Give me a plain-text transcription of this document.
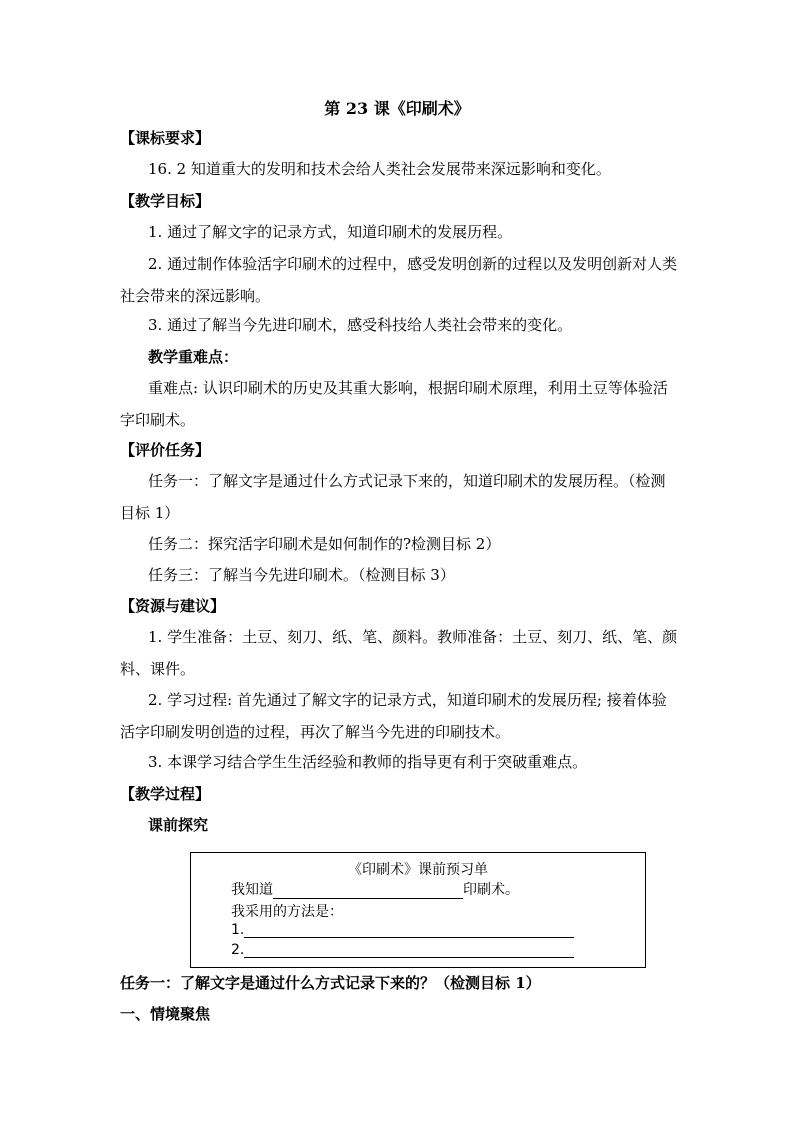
第 23 课《印刷术》
【课标要求】
16. 2 知道重大的发明和技术会给人类社会发展带来深远影响和变化。
【教学目标】
1. 通过了解文字的记录方式，知道印刷术的发展历程。
2. 通过制作体验活字印刷术的过程中，感受发明创新的过程以及发明创新对人类社会带来的深远影响。
3. 通过了解当今先进印刷术，感受科技给人类社会带来的变化。
教学重难点：
重难点: 认识印刷术的历史及其重大影响，根据印刷术原理，利用土豆等体验活字印刷术。
【评价任务】
任务一：了解文字是通过什么方式记录下来的，知道印刷术的发展历程。（检测目标 1）
任务二：探究活字印刷术是如何制作的?检测目标 2）
任务三：了解当今先进印刷术。（检测目标 3）
【资源与建议】
1. 学生准备：土豆、刻刀、纸、笔、颜料。教师准备：土豆、刻刀、纸、笔、颜料、课件。
2. 学习过程: 首先通过了解文字的记录方式，知道印刷术的发展历程; 接着体验活字印刷发明创造的过程，再次了解当今先进的印刷技术。
3. 本课学习结合学生生活经验和教师的指导更有利于突破重难点。
【教学过程】
课前探究
《印刷术》课前预习单
我知道	印刷术。
我采用的方法是：
1.
2.
任务一：了解文字是通过什么方式记录下来的？（检测目标 1）
一、情境聚焦
